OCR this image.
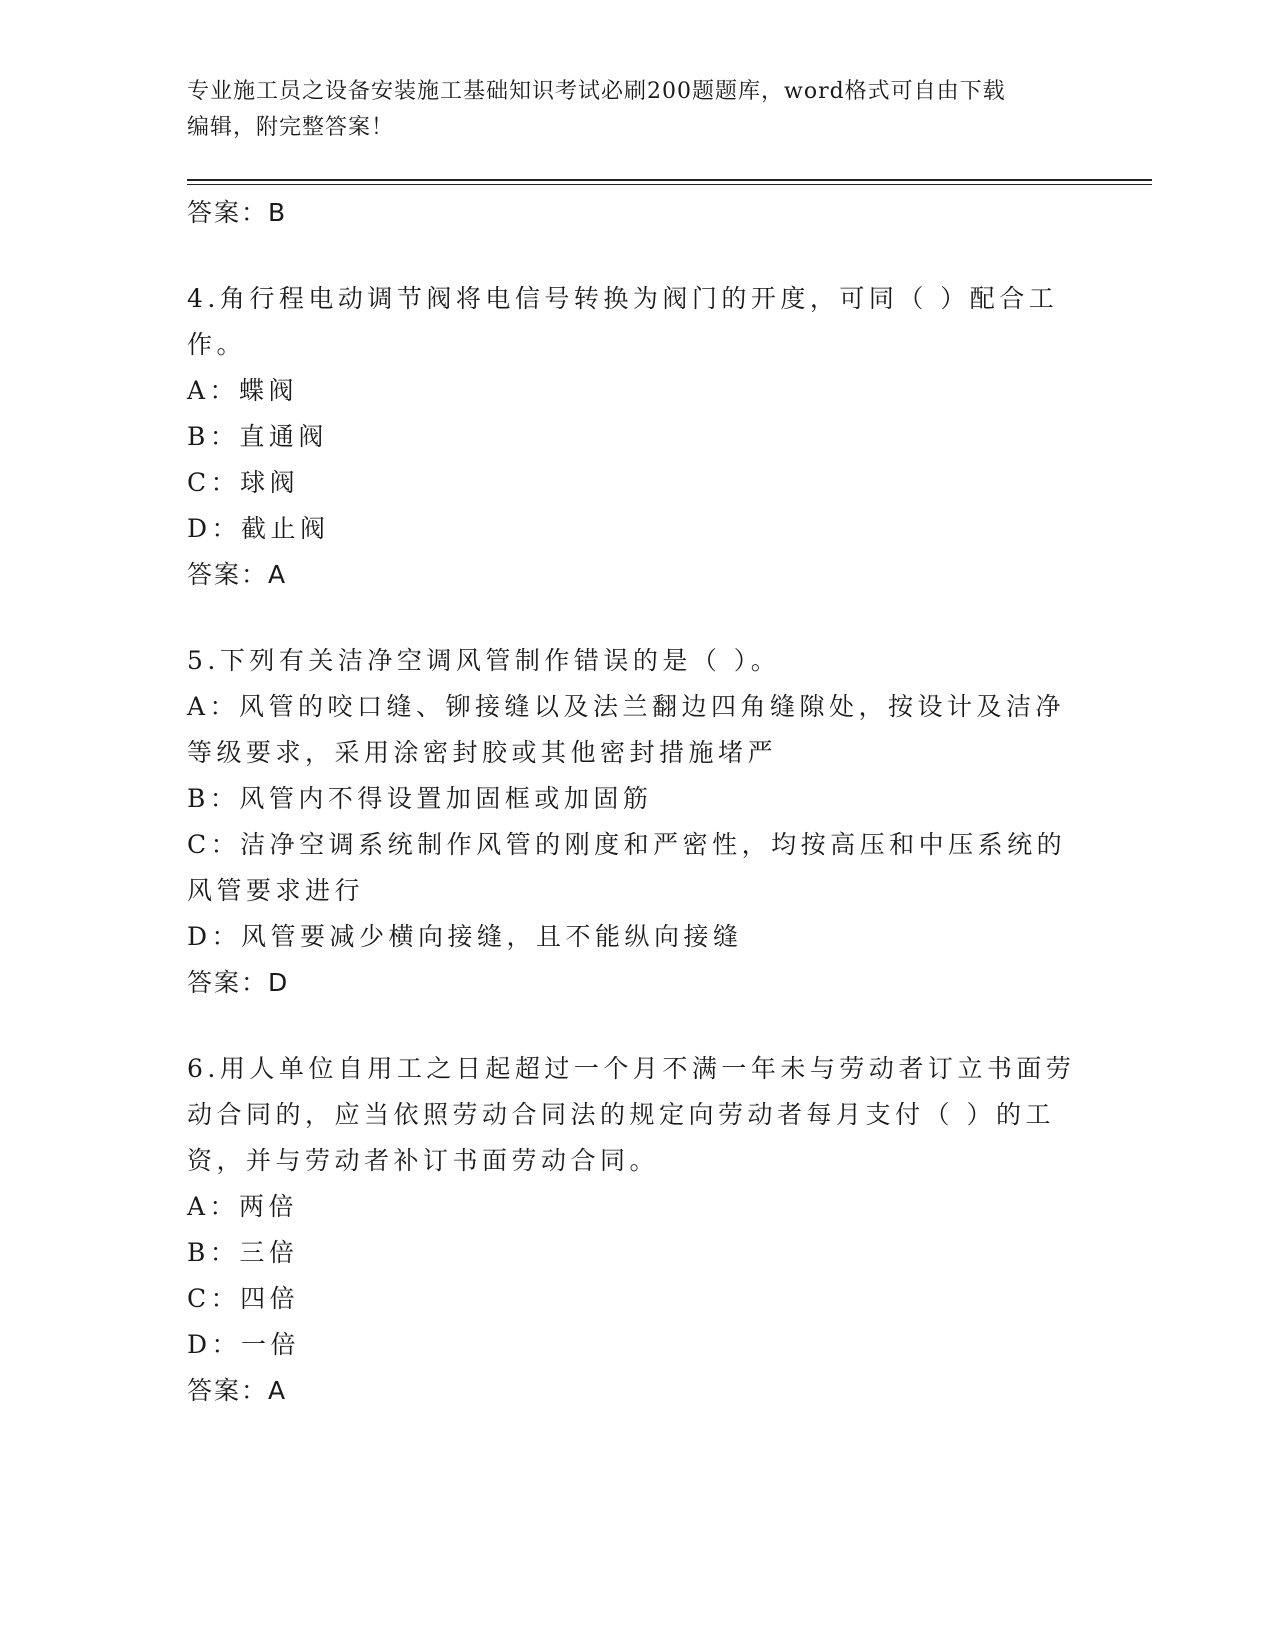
专业施工员之设备安装施工基础知识考试必刷200题题库，word格式可自由下载
编辑，附完整答案！
答案：B
4.角行程电动调节阀将电信号转换为阀门的开度，可同（ ）配合工作。
A：蝶阀
B：直通阀
C：球阀
D：截止阀
答案：A
5.下列有关洁净空调风管制作错误的是（ ）。
A：风管的咬口缝、铆接缝以及法兰翻边四角缝隙处，按设计及洁净等级要求，采用涂密封胶或其他密封措施堵严
B：风管内不得设置加固框或加固筋
C：洁净空调系统制作风管的刚度和严密性，均按高压和中压系统的风管要求进行
D：风管要减少横向接缝，且不能纵向接缝
答案：D
6.用人单位自用工之日起超过一个月不满一年未与劳动者订立书面劳动合同的，应当依照劳动合同法的规定向劳动者每月支付（ ）的工资，并与劳动者补订书面劳动合同。
A：两倍
B：三倍
C：四倍
D：一倍
答案：A
